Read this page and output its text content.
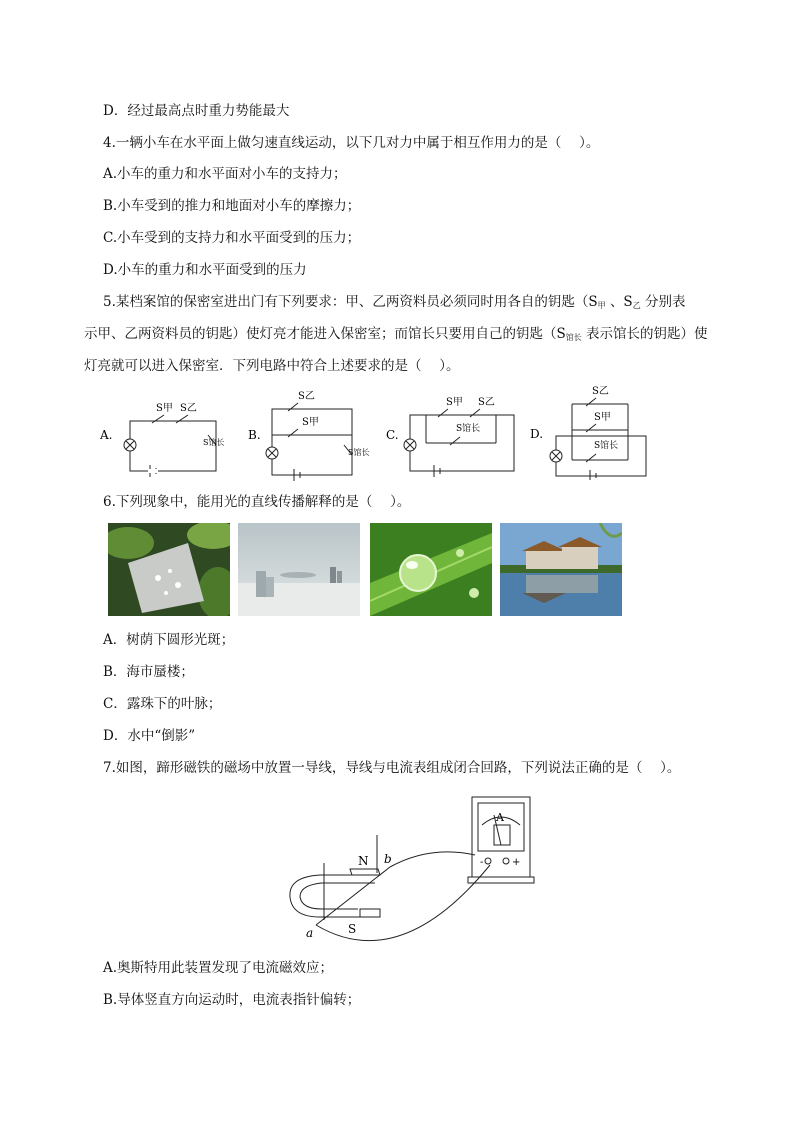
D．经过最高点时重力势能最大
4.一辆小车在水平面上做匀速直线运动，以下几对力中属于相互作用力的是（　 ）。
A.小车的重力和水平面对小车的支持力；
B.小车受到的推力和地面对小车的摩擦力；
C.小车受到的支持力和水平面受到的压力；
D.小车的重力和水平面受到的压力
5.某档案馆的保密室进出门有下列要求：甲、乙两资料员必须同时用各自的钥匙（$S_甲$ 、$S_乙$ 分别表
示甲、乙两资料员的钥匙）使灯亮才能进入保密室；而馆长只要用自己的钥匙（$S_{馆长}$ 表示馆长的钥匙）使
灯亮就可以进入保密室．下列电路中符合上述要求的是（　 ）。
A.
S甲 S乙
S馆长
B.
S乙
S甲
S馆长
C.
S甲 S乙
S馆长	D.
S乙
S甲
S馆长
6.下列现象中，能用光的直线传播解释的是（　 ）。
A．树荫下圆形光斑；
B．海市蜃楼；
C．露珠下的叶脉；
D．水中“倒影”
7.如图，蹄形磁铁的磁场中放置一导线，导线与电流表组成闭合回路，下列说法正确的是（　 ）。
N
S
a
b
A
+
-
A.奥斯特用此装置发现了电流磁效应；
B.导体竖直方向运动时，电流表指针偏转；
